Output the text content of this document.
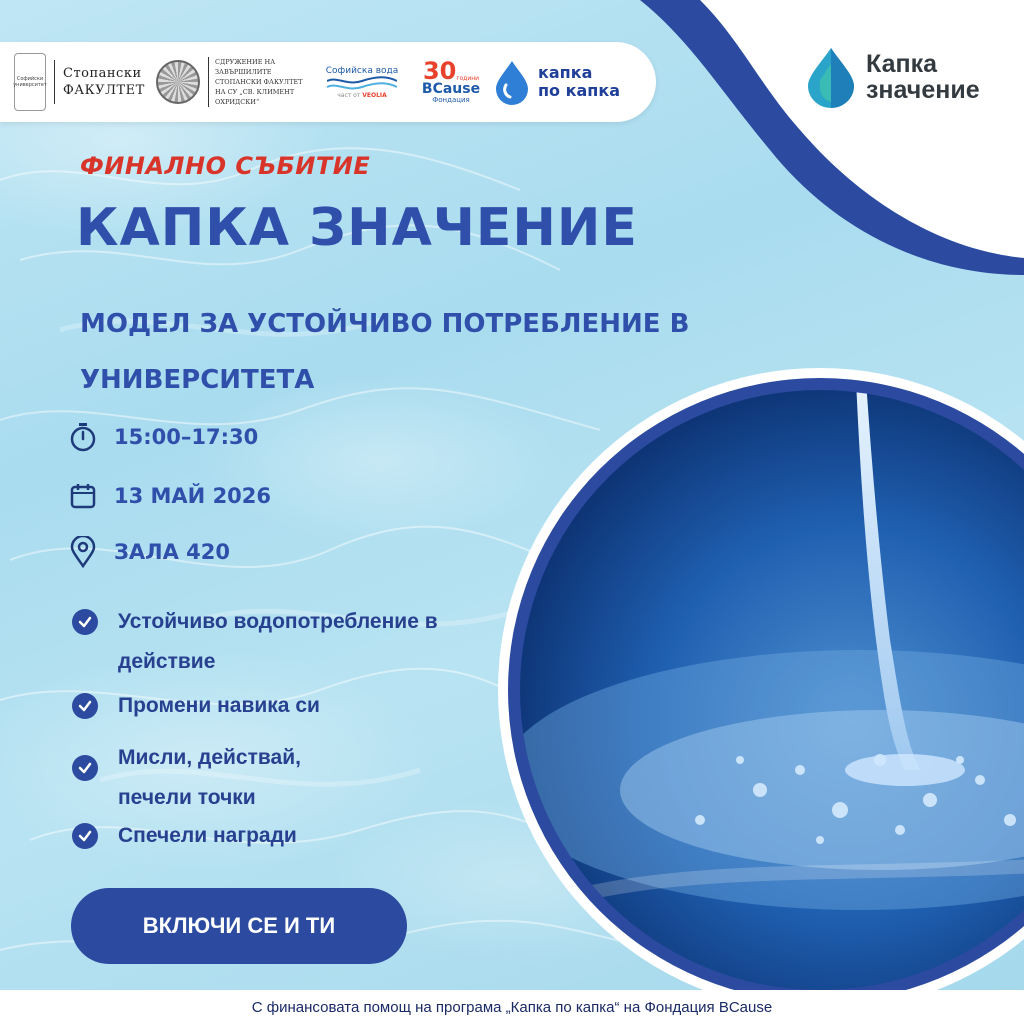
Софийски университет
Стопански
ФАКУЛТЕТ
СДРУЖЕНИЕ НА ЗАВЪРШИЛИТЕ
СТОПАНСКИ ФАКУЛТЕТ
НА СУ „СВ. КЛИМЕНТ ОХРИДСКИ“
Софийска вода
част от VEOLIA
30 години
BCause
Фондация
капка
по капка
Капка
значение
ФИНАЛНО СЪБИТИЕ
КАПКА ЗНАЧЕНИЕ
МОДЕЛ ЗА УСТОЙЧИВО ПОТРЕБЛЕНИЕ В УНИВЕРСИТЕТА
15:00–17:30
13 МАЙ 2026
ЗАЛА 420
Устойчиво водопотребление в действие
Промени навика си
Мисли, действай, печели точки
Спечели награди
ВКЛЮЧИ СЕ И ТИ
С финансовата помощ на програма „Капка по капка“ на Фондация BCause
